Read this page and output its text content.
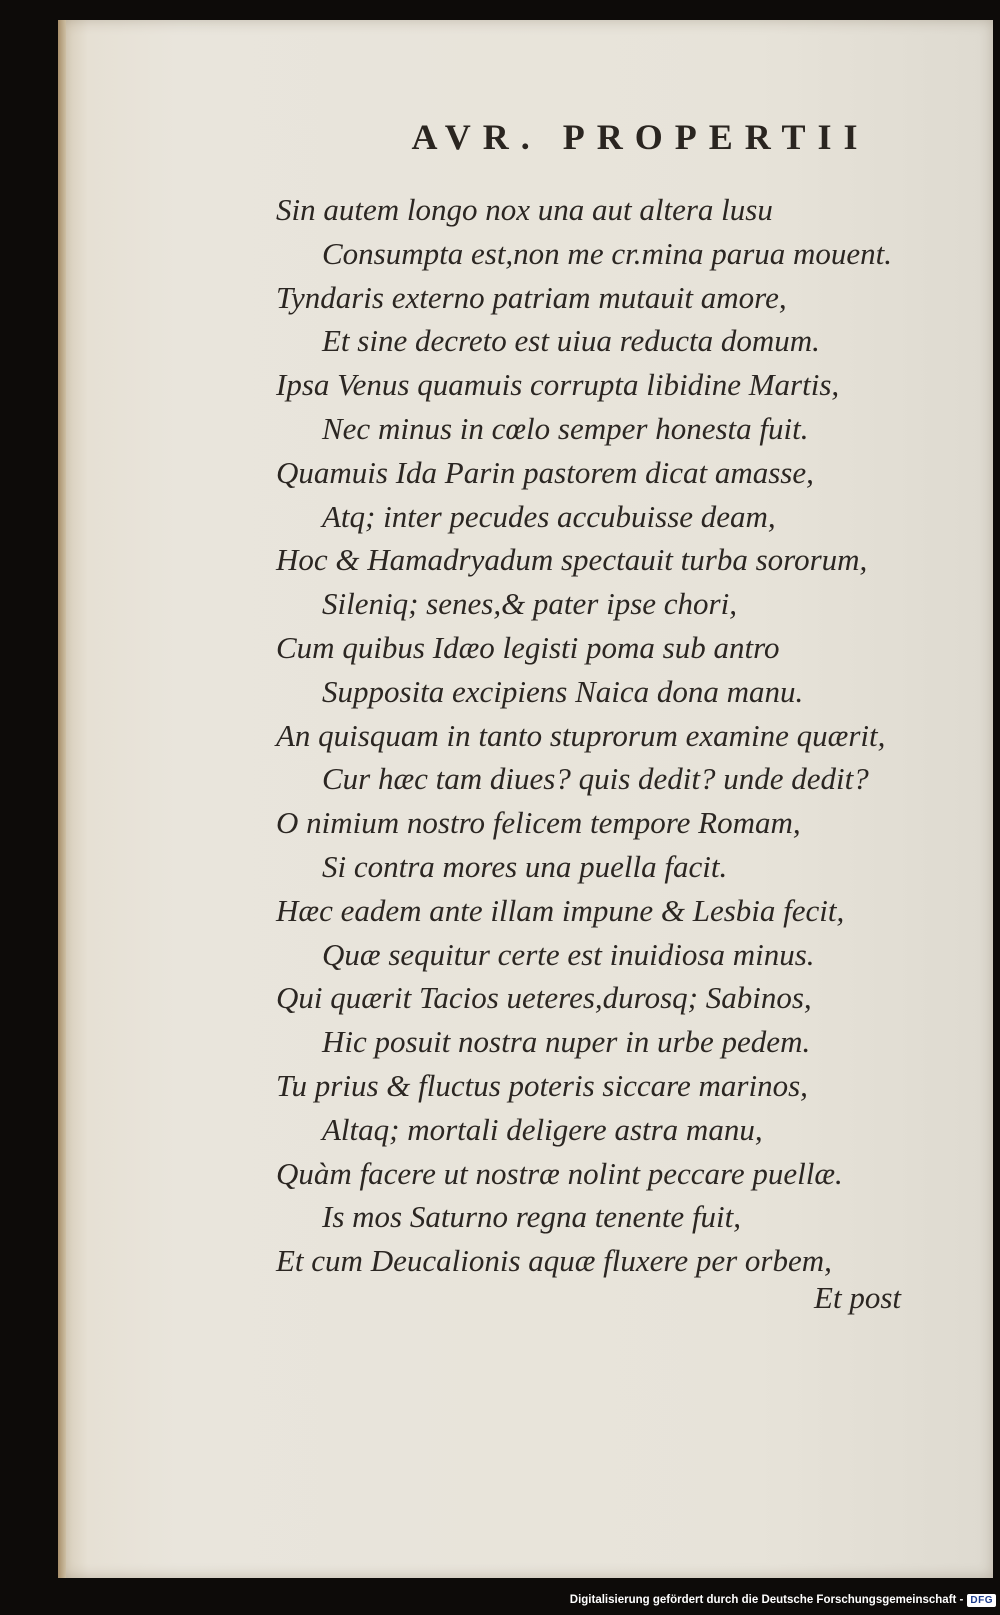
AVR. PROPERTII
Sin autem longo nox una aut altera lusu
Consumpta est,non me cr.mina parua mouent.
Tyndaris externo patriam mutauit amore,
Et sine decreto est uiua reducta domum.
Ipsa Venus quamuis corrupta libidine Martis,
Nec minus in cœlo semper honesta fuit.
Quamuis Ida Parin pastorem dicat amasse,
Atq; inter pecudes accubuisse deam,
Hoc & Hamadryadum spectauit turba sororum,
Sileniq; senes,& pater ipse chori,
Cum quibus Idæo legisti poma sub antro
Supposita excipiens Naica dona manu.
An quisquam in tanto stuprorum examine quærit,
Cur hæc tam diues? quis dedit? unde dedit?
O nimium nostro felicem tempore Romam,
Si contra mores una puella facit.
Hæc eadem ante illam impune & Lesbia fecit,
Quæ sequitur certe est inuidiosa minus.
Qui quærit Tacios ueteres,durosq; Sabinos,
Hic posuit nostra nuper in urbe pedem.
Tu prius & fluctus poteris siccare marinos,
Altaq; mortali deligere astra manu,
Quàm facere ut nostræ nolint peccare puellæ.
Is mos Saturno regna tenente fuit,
Et cum Deucalionis aquæ fluxere per orbem,
Et post
Digitalisierung gefördert durch die Deutsche Forschungsgemeinschaft - DFG
